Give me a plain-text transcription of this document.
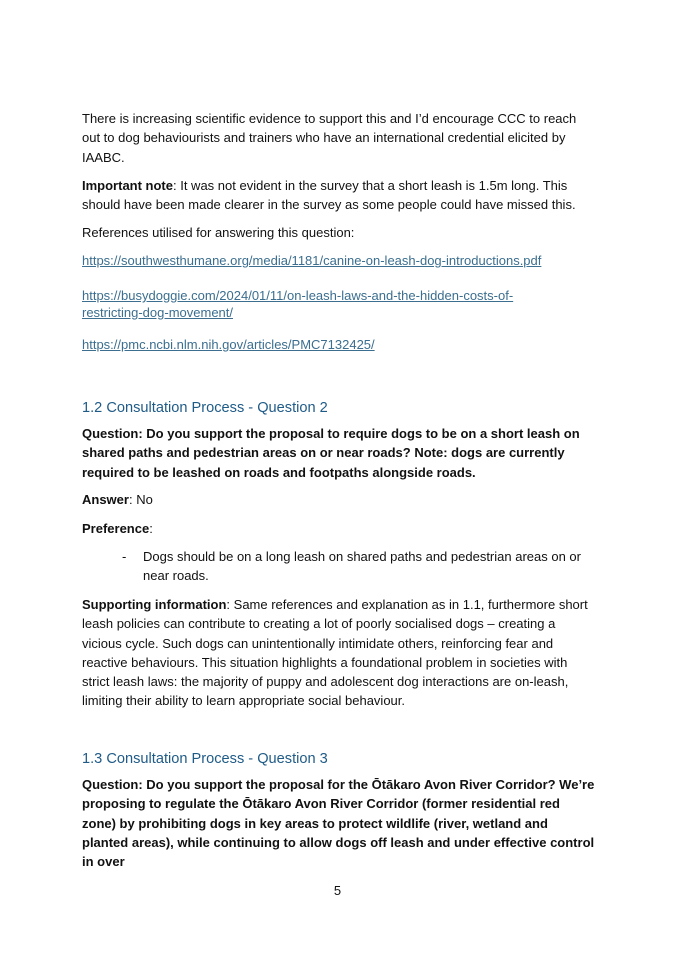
There is increasing scientific evidence to support this and I’d encourage CCC to reach out to dog behaviourists and trainers who have an international credential elicited by IAABC.

Important note: It was not evident in the survey that a short leash is 1.5m long. This should have been made clearer in the survey as some people could have missed this.

References utilised for answering this question:

https://southwesthumane.org/media/1181/canine-on-leash-dog-introductions.pdf
https://busydoggie.com/2024/01/11/on-leash-laws-and-the-hidden-costs-of-restricting-dog-movement/
https://pmc.ncbi.nlm.nih.gov/articles/PMC7132425/
1.2 Consultation Process - Question 2

Question: Do you support the proposal to require dogs to be on a short leash on shared paths and pedestrian areas on or near roads? Note: dogs are currently required to be leashed on roads and footpaths alongside roads.

Answer: No

Preference:

- Dogs should be on a long leash on shared paths and pedestrian areas on or near roads.

Supporting information: Same references and explanation as in 1.1, furthermore short leash policies can contribute to creating a lot of poorly socialised dogs – creating a vicious cycle. Such dogs can unintentionally intimidate others, reinforcing fear and reactive behaviours. This situation highlights a foundational problem in societies with strict leash laws: the majority of puppy and adolescent dog interactions are on-leash, limiting their ability to learn appropriate social behaviour.

1.3 Consultation Process - Question 3

Question: Do you support the proposal for the Ōtākaro Avon River Corridor? We’re proposing to regulate the Ōtākaro Avon River Corridor (former residential red zone) by prohibiting dogs in key areas to protect wildlife (river, wetland and planted areas), while continuing to allow dogs off leash and under effective control in over

5
